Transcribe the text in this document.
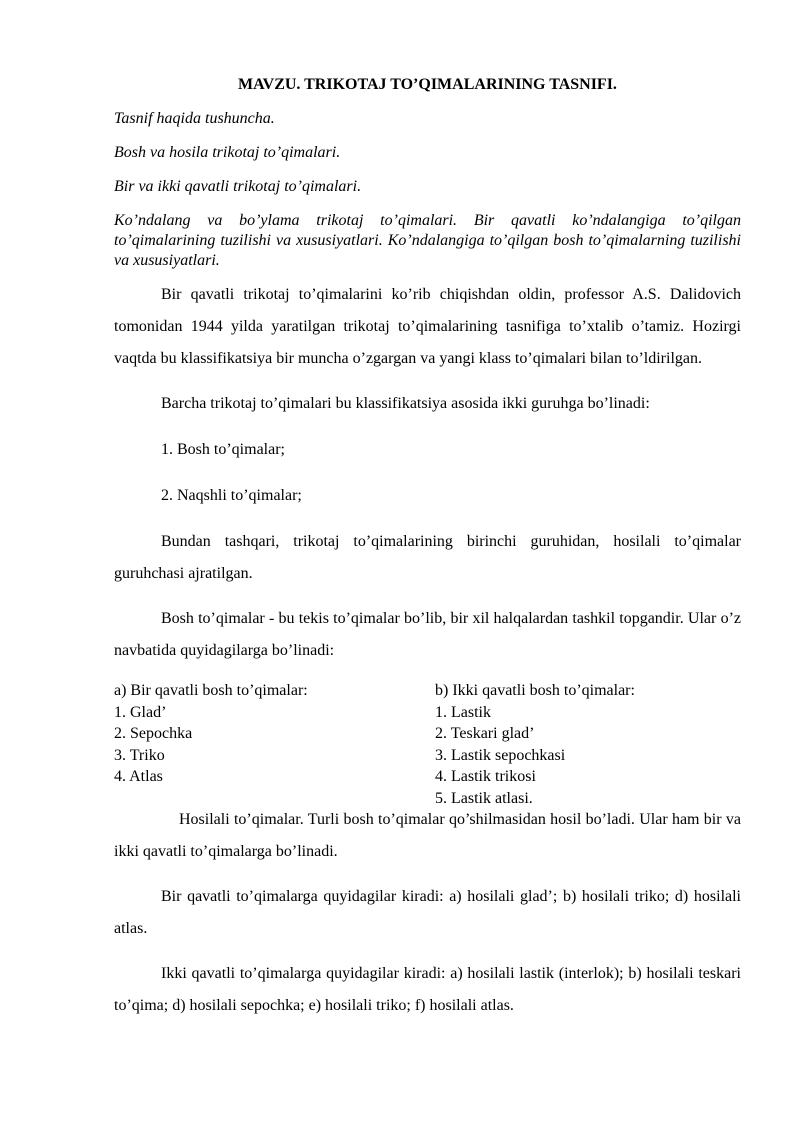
MAVZU. TRIKOTAJ TO’QIMALARINING TASNIFI.

Tasnif haqida tushuncha.

Bosh va hosila trikotaj to’qimalari.

Bir va ikki qavatli trikotaj to’qimalari.

Ko’ndalang va bo’ylama trikotaj to’qimalari. Bir qavatli ko’ndalangiga to’qilgan to’qimalarining tuzilishi va xususiyatlari. Ko’ndalangiga to’qilgan bosh to’qimalarning tuzilishi va xususiyatlari.

Bir qavatli trikotaj to’qimalarini ko’rib chiqishdan oldin, professor A.S. Dalidovich tomonidan 1944 yilda yaratilgan trikotaj to’qimalarining tasnifiga to’xtalib o’tamiz. Hozirgi vaqtda bu klassifikatsiya bir muncha o’zgargan va yangi klass to’qimalari bilan to’ldirilgan.

Barcha trikotaj to’qimalari bu klassifikatsiya asosida ikki guruhga bo’linadi:

1. Bosh to’qimalar;

2. Naqshli to’qimalar;

Bundan tashqari, trikotaj to’qimalarining birinchi guruhidan, hosilali to’qimalar guruhchasi ajratilgan.

Bosh to’qimalar - bu tekis to’qimalar bo’lib, bir xil halqalardan tashkil topgandir. Ular o’z navbatida quyidagilarga bo’linadi:

a) Bir qavatli bosh to’qimalar:
1. Glad’
2. Sepochka
3. Triko
4. Atlas
b) Ikki qavatli bosh to’qimalar:
1. Lastik
2. Teskari glad’
3. Lastik sepochkasi
4. Lastik trikosi
5. Lastik atlasi.

Hosilali to’qimalar. Turli bosh to’qimalar qo’shilmasidan hosil bo’ladi. Ular ham bir va ikki qavatli to’qimalarga bo’linadi.

Bir qavatli to’qimalarga quyidagilar kiradi: a) hosilali glad’; b) hosilali triko; d) hosilali atlas.

Ikki qavatli to’qimalarga quyidagilar kiradi: a) hosilali lastik (interlok); b) hosilali teskari to’qima; d) hosilali sepochka; e) hosilali triko; f) hosilali atlas.
